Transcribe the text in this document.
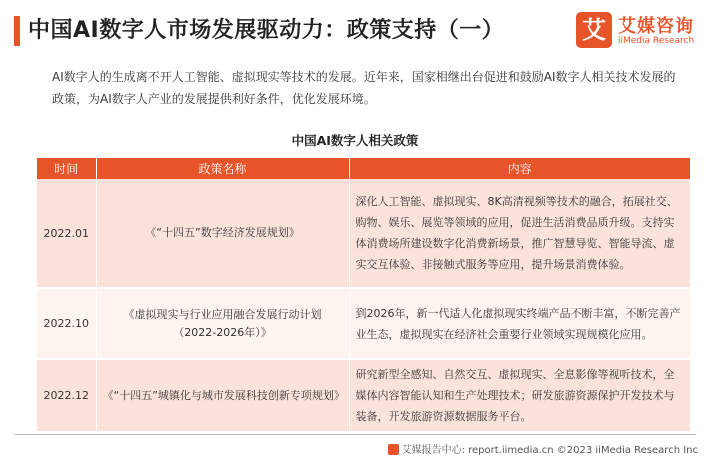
中国AI数字人市场发展驱动力：政策支持（一）	艾 艾媒咨询
iiMedia Research
AI数字人的生成离不开人工智能、虚拟现实等技术的发展。近年来，国家相继出台促进和鼓励AI数字人相关技术发展的政策，为AI数字人产业的发展提供利好条件，优化发展环境。
中国AI数字人相关政策
时间	政策名称	内容
2022.01	《“十四五”数字经济发展规划》	深化人工智能、虚拟现实、8K高清视频等技术的融合，拓展社交、购物、娱乐、展览等领域的应用，促进生活消费品质升级。支持实体消费场所建设数字化消费新场景，推广智慧导览、智能导流、虚实交互体验、非接触式服务等应用，提升场景消费体验。
2022.10	《虚拟现实与行业应用融合发展行动计划（2022-2026年）》	到2026年，新一代适人化虚拟现实终端产品不断丰富，不断完善产业生态，虚拟现实在经济社会重要行业领域实现规模化应用。
2022.12	《“十四五”城镇化与城市发展科技创新专项规划》	研究新型全感知、自然交互、虚拟现实、全息影像等视听技术，全媒体内容智能认知和生产处理技术；研发旅游资源保护开发技术与装备，开发旅游资源数据服务平台。
艾媒报告中心: report.iimedia.cn ©2023 iiMedia Research Inc
